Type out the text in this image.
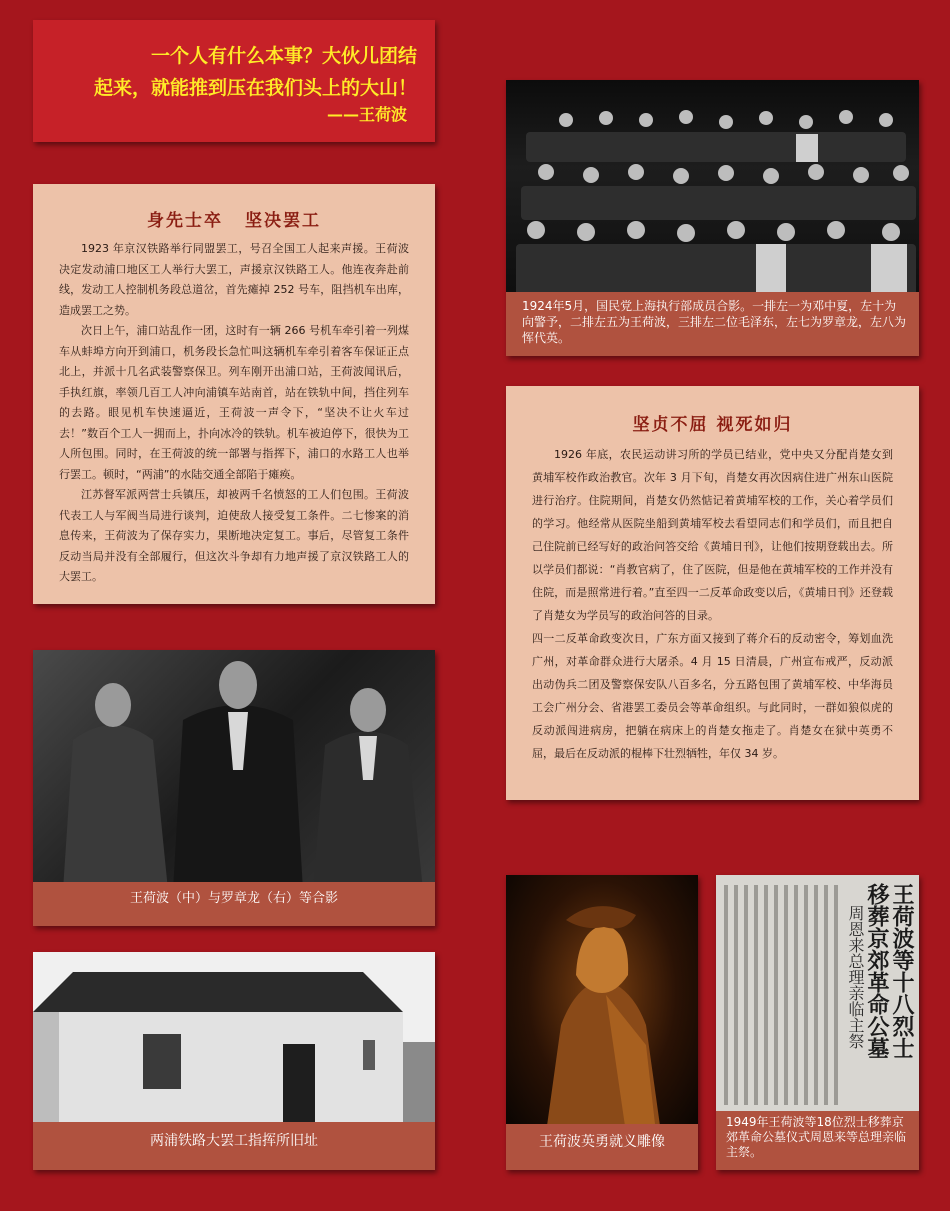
一个人有什么本事？大伙儿团结
起来，就能推到压在我们头上的大山！
——王荷波
身先士卒 坚决罢工

1923 年京汉铁路举行同盟罢工，号召全国工人起来声援。王荷波决定发动浦口地区工人举行大罢工，声援京汉铁路工人。他连夜奔赴前线，发动工人控制机务段总道岔，首先瘫掉 252 号车，阻挡机车出库，造成罢工之势。

次日上午，浦口站乱作一团，这时有一辆 266 号机车牵引着一列煤车从蚌埠方向开到浦口，机务段长急忙叫这辆机车牵引着客车保证正点北上，并派十几名武装警察保卫。列车刚开出浦口站，王荷波闻讯后，手执红旗，率领几百工人冲向浦镇车站南首，站在铁轨中间，挡住列车的去路。眼见机车快速逼近，王荷波一声令下，“坚决不让火车过去！”数百个工人一拥而上，扑向冰冷的铁轨。机车被迫停下，很快为工人所包围。同时，在王荷波的统一部署与指挥下，浦口的水路工人也举行罢工。顿时，“两浦”的水陆交通全部陷于瘫痪。

江苏督军派两营士兵镇压，却被两千名愤怒的工人们包围。王荷波代表工人与军阀当局进行谈判，迫使敌人接受复工条件。二七惨案的消息传来，王荷波为了保存实力，果断地决定复工。事后，尽管复工条件反动当局并没有全部履行，但这次斗争却有力地声援了京汉铁路工人的大罢工。

坚贞不屈 视死如归

1926 年底，农民运动讲习所的学员已结业，党中央又分配肖楚女到黄埔军校作政治教官。次年 3 月下旬，肖楚女再次因病住进广州东山医院进行治疗。住院期间，肖楚女仍然惦记着黄埔军校的工作，关心着学员们的学习。他经常从医院坐船到黄埔军校去看望同志们和学员们，而且把自己住院前已经写好的政治问答交给《黄埔日刊》，让他们按期登载出去。所以学员们都说：“肖教官病了，住了医院，但是他在黄埔军校的工作并没有住院，而是照常进行着。”直至四一二反革命政变以后，《黄埔日刊》还登载了肖楚女为学员写的政治问答的目录。

四一二反革命政变次日，广东方面又接到了蒋介石的反动密令，筹划血洗广州，对革命群众进行大屠杀。4 月 15 日清晨，广州宣布戒严，反动派出动伪兵二团及警察保安队八百多名，分五路包围了黄埔军校、中华海员工会广州分会、省港罢工委员会等革命组织。与此同时，一群如狼似虎的反动派闯进病房，把躺在病床上的肖楚女拖走了。肖楚女在狱中英勇不屈，最后在反动派的棍棒下壮烈牺牲，年仅 34 岁。

1924年5月，国民党上海执行部成员合影。一排左一为邓中夏，左十为向警予，二排左五为王荷波，三排左二位毛泽东，左七为罗章龙，左八为恽代英。
王荷波（中）与罗章龙（右）等合影
两浦铁路大罢工指挥所旧址	王荷波英勇就义雕像
王荷波等十八烈士
移葬京郊革命公墓
周恩来总理亲临主祭
1949年王荷波等18位烈士移葬京郊革命公墓仪式周恩来等总理亲临主祭。
